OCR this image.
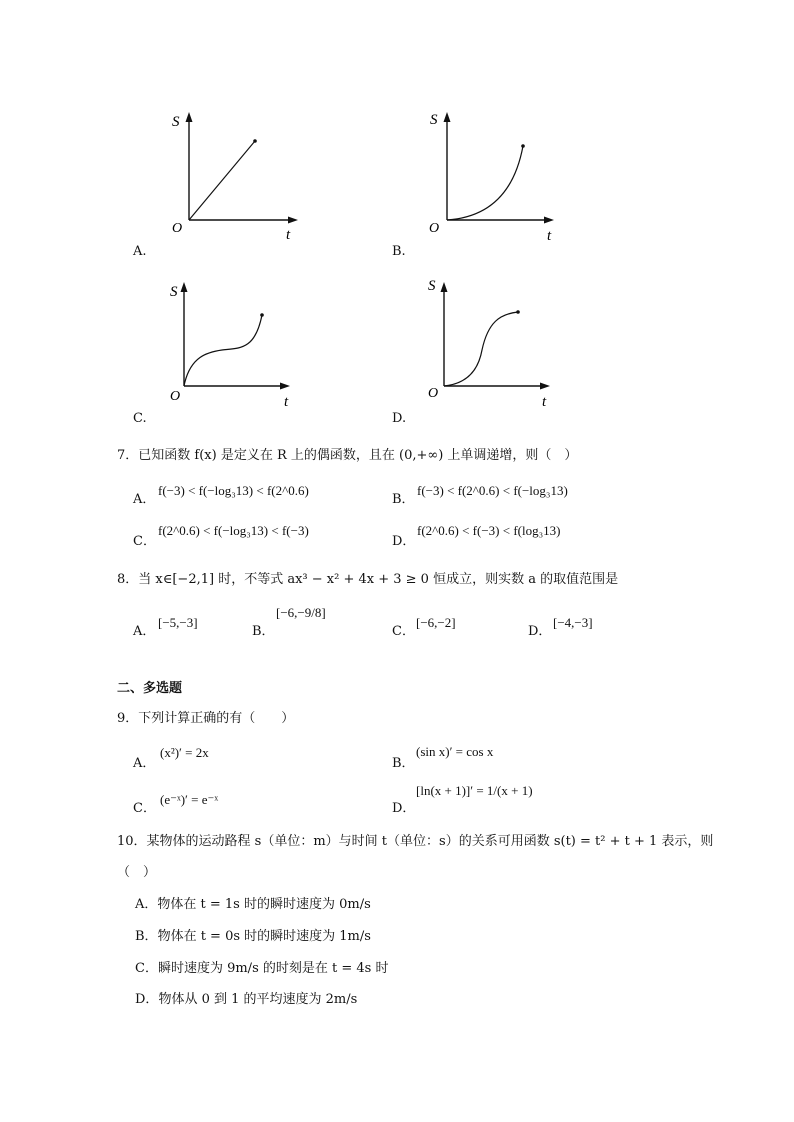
S
O	t
A.
S
O	t
B.
S
O	t
C.
S
O
t
D.
7．已知函数 f(x) 是定义在 R 上的偶函数，且在 (0,+∞) 上单调递增，则（　）
A．
f(−3) < f(−log₃13) < f(2^0.6)
B．
f(−3) < f(2^0.6) < f(−log₃13)
C．
f(2^0.6) < f(−log₃13) < f(−3)
D．
f(2^0.6) < f(−3) < f(log₃13)
8．当 x∈[−2,1] 时，不等式 ax³ − x² + 4x + 3 ≥ 0 恒成立，则实数 a 的取值范围是
A．
[−5,−3]
B．
[−6,−9/8]
C．
[−6,−2]
D．
[−4,−3]
二、多选题
9．下列计算正确的有（　　）
A．
(x²)′ = 2x
B．
(sin x)′ = cos x
C．
(e⁻ˣ)′ = e⁻ˣ
D．
[ln(x + 1)]′ = 1/(x + 1)
10．某物体的运动路程 s（单位：m）与时间 t（单位：s）的关系可用函数 s(t) = t² + t + 1 表示，则
（　）
A．物体在 t = 1s 时的瞬时速度为 0m/s
B．物体在 t = 0s 时的瞬时速度为 1m/s
C．瞬时速度为 9m/s 的时刻是在 t = 4s 时
D．物体从 0 到 1 的平均速度为 2m/s
